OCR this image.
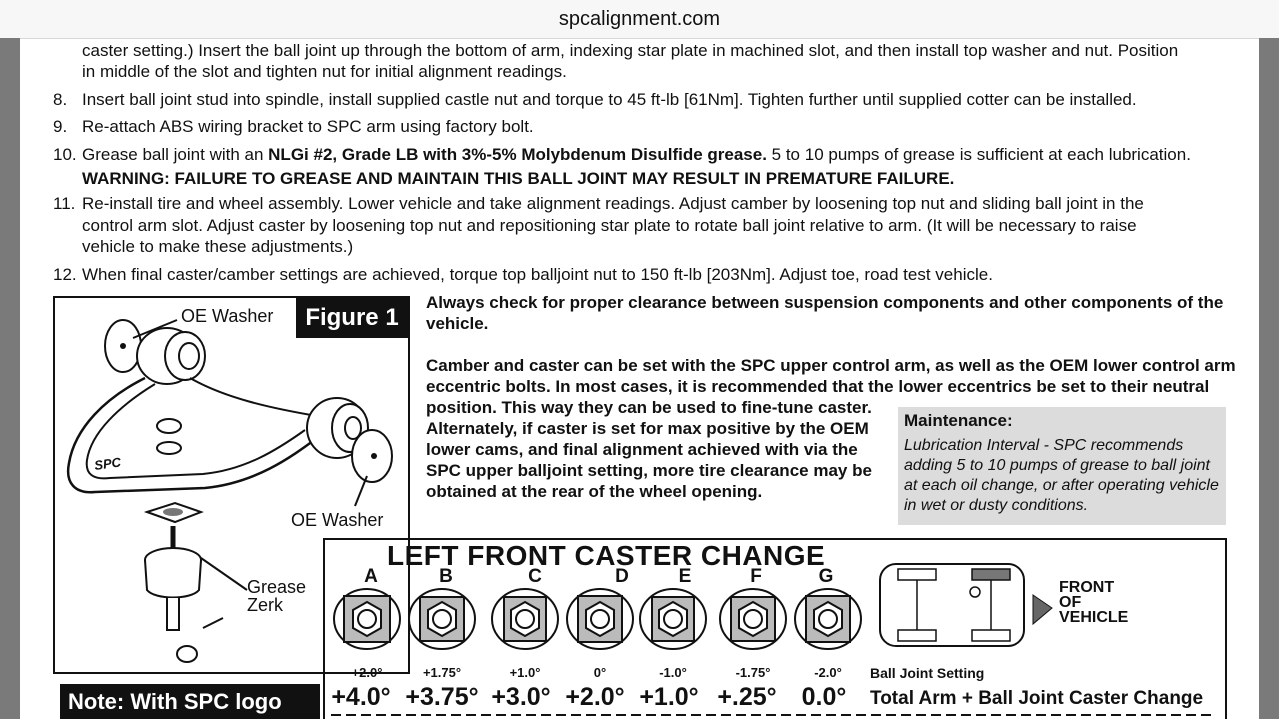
spcalignment.com
caster setting.) Insert the ball joint up through the bottom of arm, indexing star plate in machined slot, and then install top washer and nut. Position
in middle of the slot and tighten nut for initial alignment readings.
8. Insert ball joint stud into spindle, install supplied castle nut and torque to 45 ft-lb [61Nm]. Tighten further until supplied cotter can be installed.
9. Re-attach ABS wiring bracket to SPC arm using factory bolt.
10. Grease ball joint with an NLGi #2, Grade LB with 3%-5% Molybdenum Disulfide grease. 5 to 10 pumps of grease is sufficient at each lubrication.
WARNING: FAILURE TO GREASE AND MAINTAIN THIS BALL JOINT MAY RESULT IN PREMATURE FAILURE.
11. Re-install tire and wheel assembly. Lower vehicle and take alignment readings. Adjust camber by loosening top nut and sliding ball joint in the
control arm slot. Adjust caster by loosening top nut and repositioning star plate to rotate ball joint relative to arm. (It will be necessary to raise
vehicle to make these adjustments.)
12. When final caster/camber settings are achieved, torque top balljoint nut to 150 ft-lb [203Nm]. Adjust toe, road test vehicle.
Figure 1
OE Washer
OE Washer
Grease
Zerk
SPC
Always check for proper clearance between suspension components and other components of the
vehicle.
Camber and caster can be set with the SPC upper control arm, as well as the OEM lower control arm
eccentric bolts. In most cases, it is recommended that the lower eccentrics be set to their neutral
position. This way they can be used to fine-tune caster.
Alternately, if caster is set for max positive by the OEM
lower cams, and final alignment achieved with via the
SPC upper balljoint setting, more tire clearance may be
obtained at the rear of the wheel opening.
Maintenance:
Lubrication Interval - SPC recommends adding 5 to 10 pumps of grease to ball joint at each oil change, or after operating vehicle in wet or dusty conditions.
LEFT FRONT CASTER CHANGE
A	B	C	D	E	F	G
FRONT
OF
VEHICLE
+2.0°	+1.75°	+1.0°	0°	-1.0°	-1.75°	-2.0°	Ball Joint Setting
+4.0° +3.75° +3.0° +2.0° +1.0° +.25° 0.0°	Total Arm + Ball Joint Caster Change
Note: With SPC logo
